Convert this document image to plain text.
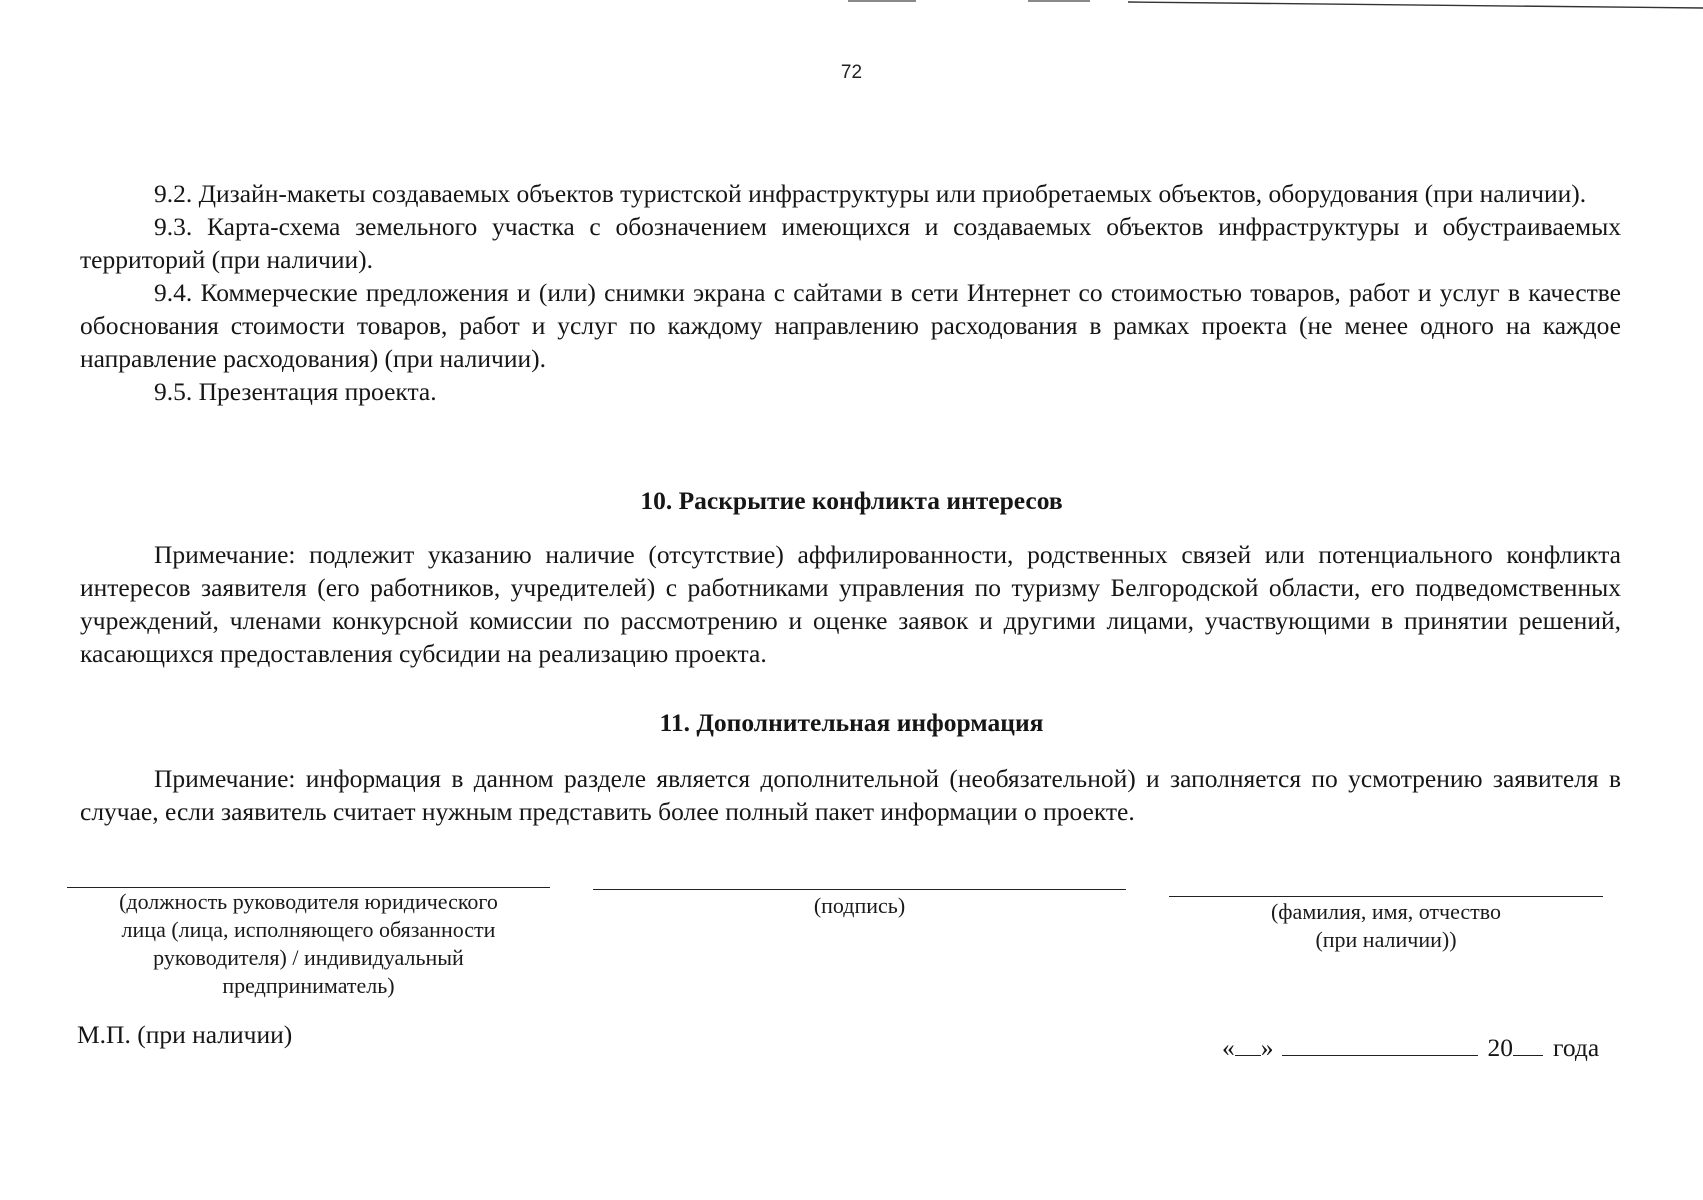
72

9.2. Дизайн-макеты создаваемых объектов туристской инфраструктуры или приобретаемых объектов, оборудования (при наличии).

9.3. Карта-схема земельного участка с обозначением имеющихся и создаваемых объектов инфраструктуры и обустраиваемых территорий (при наличии).

9.4. Коммерческие предложения и (или) снимки экрана с сайтами в сети Интернет со стоимостью товаров, работ и услуг в качестве обоснования стоимости товаров, работ и услуг по каждому направлению расходования в рамках проекта (не менее одного на каждое направление расходования) (при наличии).

9.5. Презентация проекта.

10. Раскрытие конфликта интересов

Примечание: подлежит указанию наличие (отсутствие) аффилированности, родственных связей или потенциального конфликта интересов заявителя (его работников, учредителей) с работниками управления по туризму Белгородской области, его подведомственных учреждений, членами конкурсной комиссии по рассмотрению и оценке заявок и другими лицами, участвующими в принятии решений, касающихся предоставления субсидии на реализацию проекта.

11. Дополнительная информация

Примечание: информация в данном разделе является дополнительной (необязательной) и заполняется по усмотрению заявителя в случае, если заявитель считает нужным представить более полный пакет информации о проекте.

(должность руководителя юридического
лица (лица, исполняющего обязанности
руководителя) / индивидуальный
предприниматель)
(подпись)	(фамилия, имя, отчество
(при наличии))
М.П. (при наличии)	« »	20 года
